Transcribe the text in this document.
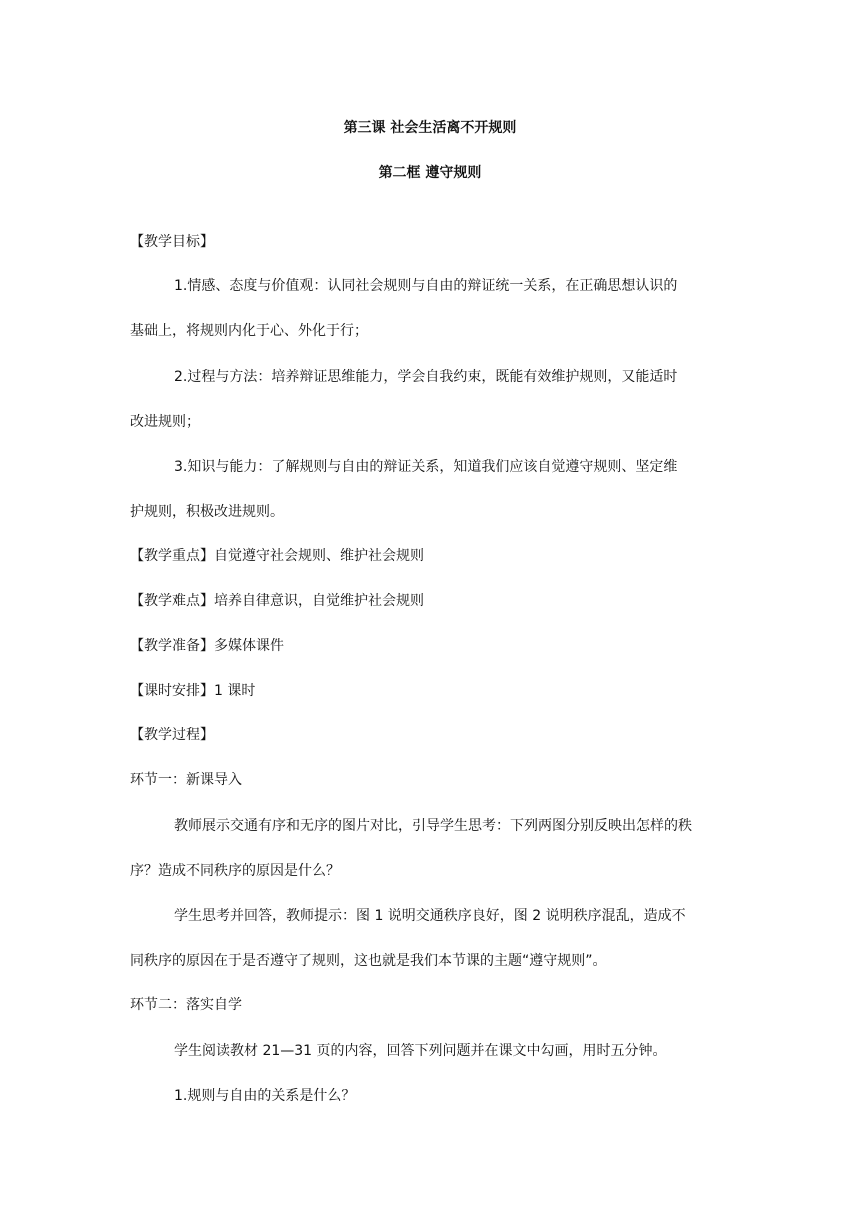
第三课 社会生活离不开规则
第二框 遵守规则
【教学目标】
1.情感、态度与价值观：认同社会规则与自由的辩证统一关系，在正确思想认识的
基础上，将规则内化于心、外化于行；
2.过程与方法：培养辩证思维能力，学会自我约束，既能有效维护规则，又能适时
改进规则；
3.知识与能力：了解规则与自由的辩证关系，知道我们应该自觉遵守规则、坚定维
护规则，积极改进规则。
【教学重点】自觉遵守社会规则、维护社会规则
【教学难点】培养自律意识，自觉维护社会规则
【教学准备】多媒体课件
【课时安排】1 课时
【教学过程】
环节一：新课导入
教师展示交通有序和无序的图片对比，引导学生思考：下列两图分别反映出怎样的秩
序？造成不同秩序的原因是什么？
学生思考并回答，教师提示：图 1 说明交通秩序良好，图 2 说明秩序混乱，造成不
同秩序的原因在于是否遵守了规则，这也就是我们本节课的主题“遵守规则”。
环节二：落实自学
学生阅读教材 21—31 页的内容，回答下列问题并在课文中勾画，用时五分钟。
1.规则与自由的关系是什么？
